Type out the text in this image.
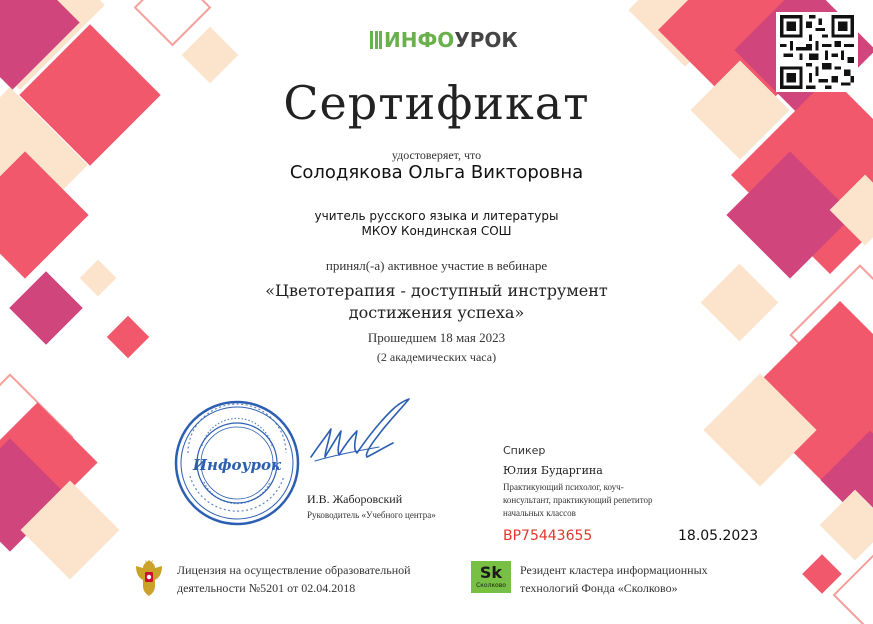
ИНФОУРОК
Сертификат
удостоверяет, что
Солодякова Ольга Викторовна
учитель русского языка и литературы
МКОУ Кондинская СОШ
принял(-а) активное участие в вебинаре
«Цветотерапия - доступный инструмент
достижения успеха»
Прошедшем 18 мая 2023
(2 академических часа)
Инфоурок
И.В. Жаборовский
Руководитель «Учебного центра»
Спикер
Юлия Бударгина
Практикующий психолог, коуч-консультант, практикующий репетитор начальных классов
ВР75443655	18.05.2023
Лицензия на осуществление образовательной
деятельности №5201 от 02.04.2018
Sk
Сколково
Резидент кластера информационных
технологий Фонда «Сколково»
